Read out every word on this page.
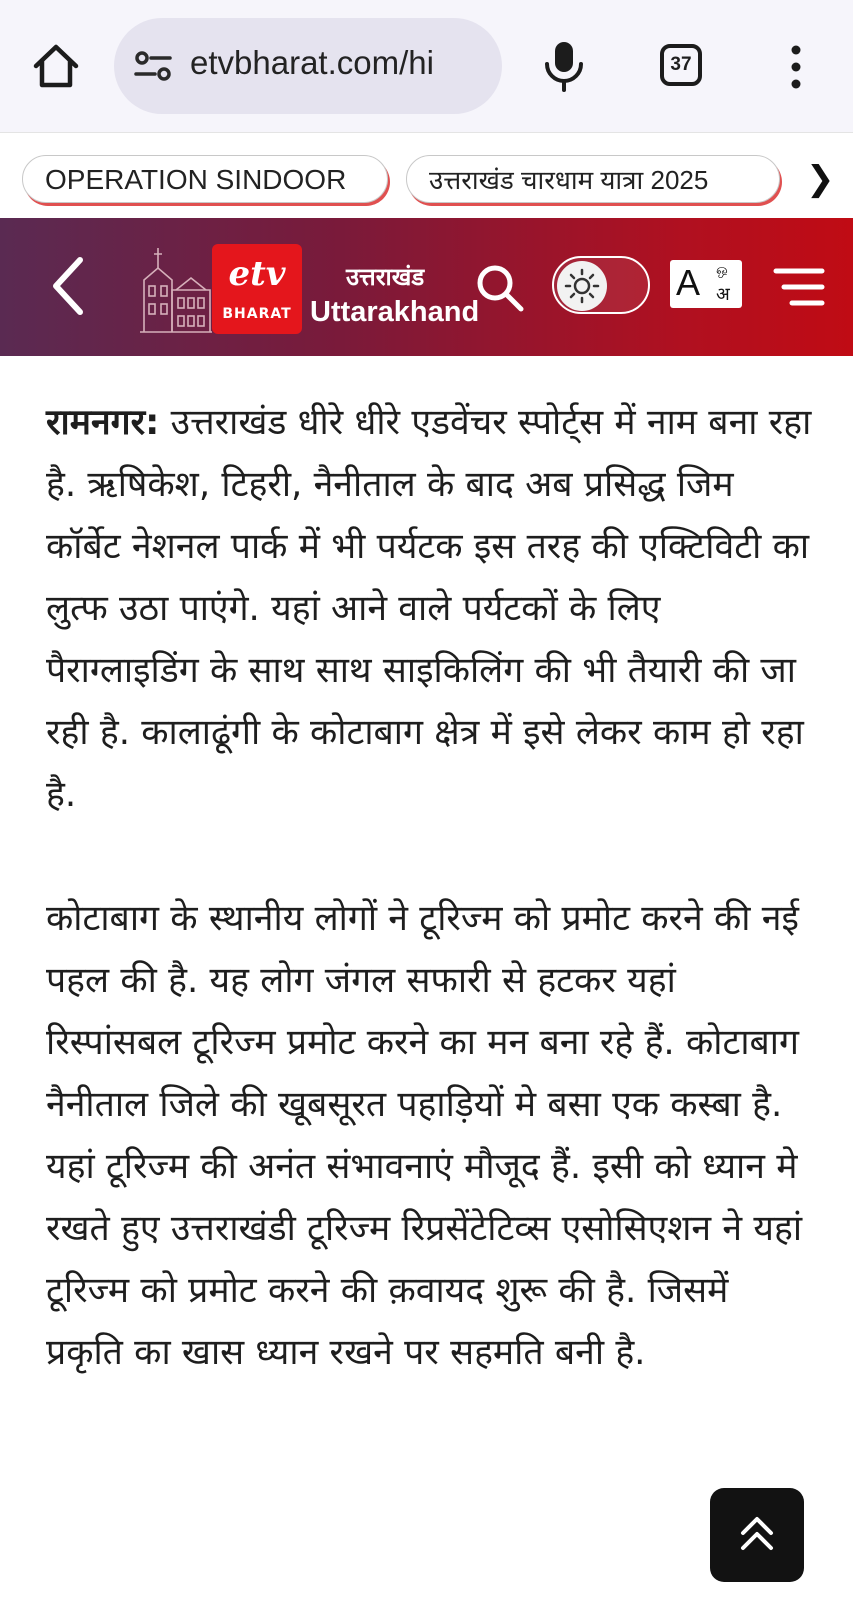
etvbharat.com/hi	37
OPERATION SINDOOR	उत्तराखंड चारधाम यात्रा 2025	❯
etv
BHARAT
उत्तराखंड
Uttarakhand
A ஒ
अ

रामनगर: उत्तराखंड धीरे धीरे एडवेंचर स्पोर्ट्स में नाम बना रहा है. ऋषिकेश, टिहरी, नैनीताल के बाद अब प्रसिद्ध जिम कॉर्बेट नेशनल पार्क में भी पर्यटक इस तरह की एक्टिविटी का लुत्फ उठा पाएंगे. यहां आने वाले पर्यटकों के लिए पैराग्लाइडिंग के साथ साथ साइकिलिंग की भी तैयारी की जा रही है. कालाढूंगी के कोटाबाग क्षेत्र में इसे लेकर काम हो रहा है.

कोटाबाग के स्थानीय लोगों ने टूरिज्म को प्रमोट करने की नई पहल की है. यह लोग जंगल सफारी से हटकर यहां रिस्पांसबल टूरिज्म प्रमोट करने का मन बना रहे हैं. कोटाबाग नैनीताल जिले की खूबसूरत पहाड़ियों मे बसा एक कस्बा है. यहां टूरिज्म की अनंत संभावनाएं मौजूद हैं. इसी को ध्यान मे रखते हुए उत्तराखंडी टूरिज्म रिप्रसेंटेटिव्स एसोसिएशन ने यहां टूरिज्म को प्रमोट करने की क़वायद शुरू की है. जिसमें प्रकृति का खास ध्यान रखने पर सहमति बनी है.
